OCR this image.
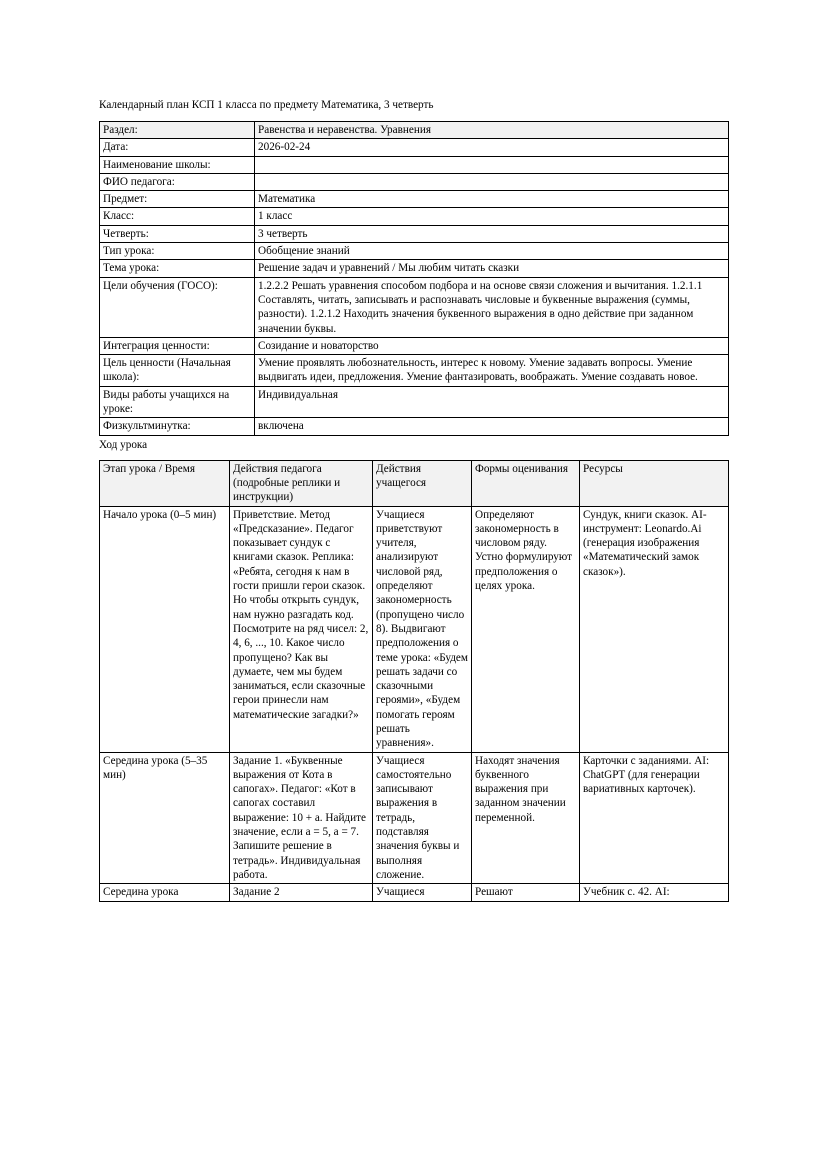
Календарный план КСП 1 класса по предмету Математика, 3 четверть
Раздел:	Равенства и неравенства. Уравнения
Дата:	2026-02-24
Наименование школы:	
ФИО педагога:	
Предмет:	Математика
Класс:	1 класс
Четверть:	3 четверть
Тип урока:	Обобщение знаний
Тема урока:	Решение задач и уравнений / Мы любим читать сказки
Цели обучения (ГОСО):	1.2.2.2 Решать уравнения способом подбора и на основе связи сложения и вычитания. 1.2.1.1 Составлять, читать, записывать и распознавать числовые и буквенные выражения (суммы, разности). 1.2.1.2 Находить значения буквенного выражения в одно действие при заданном значении буквы.
Интеграция ценности:	Созидание и новаторство
Цель ценности (Начальная школа):	Умение проявлять любознательность, интерес к новому. Умение задавать вопросы. Умение выдвигать идеи, предложения. Умение фантазировать, воображать. Умение создавать новое.
Виды работы учащихся на уроке:	Индивидуальная
Физкультминутка:	включена
Ход урока
Этап урока / Время	Действия педагога (подробные реплики и инструкции)	Действия учащегося	Формы оценивания	Ресурсы
Начало урока (0–5 мин)	Приветствие. Метод «Предсказание». Педагог показывает сундук с книгами сказок. Реплика: «Ребята, сегодня к нам в гости пришли герои сказок. Но чтобы открыть сундук, нам нужно разгадать код. Посмотрите на ряд чисел: 2, 4, 6, ..., 10. Какое число пропущено? Как вы думаете, чем мы будем заниматься, если сказочные герои принесли нам математические загадки?»	Учащиеся приветствуют учителя, анализируют числовой ряд, определяют закономерность (пропущено число 8). Выдвигают предположения о теме урока: «Будем решать задачи со сказочными героями», «Будем помогать героям решать уравнения».	Определяют закономерность в числовом ряду. Устно формулируют предположения о целях урока.	Сундук, книги сказок. AI-инструмент: Leonardo.Ai (генерация изображения «Математический замок сказок»).
Середина урока (5–35 мин)	Задание 1. «Буквенные выражения от Кота в сапогах». Педагог: «Кот в сапогах составил выражение: 10 + a. Найдите значение, если a = 5, a = 7. Запишите решение в тетрадь». Индивидуальная работа.	Учащиеся самостоятельно записывают выражения в тетрадь, подставляя значения буквы и выполняя сложение.	Находят значения буквенного выражения при заданном значении переменной.	Карточки с заданиями. AI: ChatGPT (для генерации вариативных карточек).
Середина урока	Задание 2	Учащиеся	Решают	Учебник с. 42. AI:
